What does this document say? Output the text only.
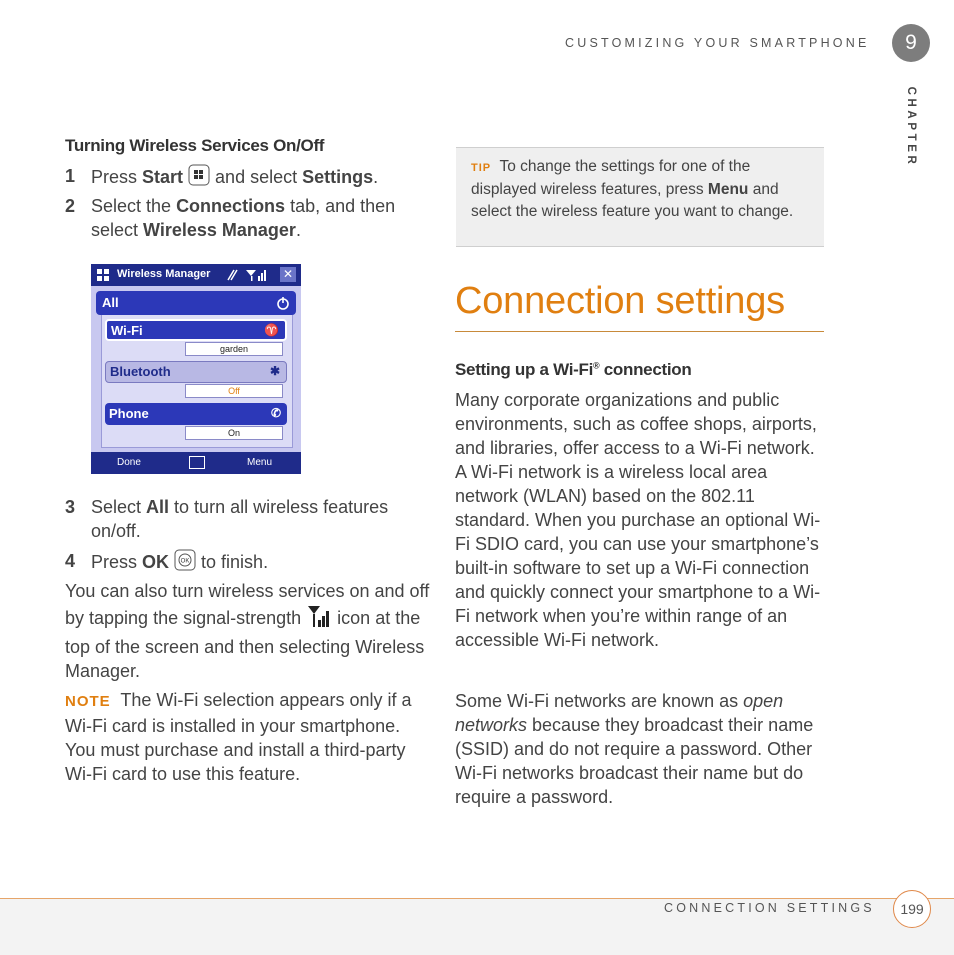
CUSTOMIZING YOUR SMARTPHONE	9
CHAPTER
Turning Wireless Services On/Off
1 Press Start  and select Settings.
2 Select the Connections tab, and then select Wireless Manager.
Wireless Manager	✕
All
Wi-Fi	♈
garden
Bluetooth	✱
Off
Phone	✆
On
Done	Menu
3 Select All to turn all wireless features on/off.
4 Press OK OK to finish.
You can also turn wireless services on and off by tapping the signal-strength  icon at the top of the screen and then selecting Wireless Manager.
NOTE The Wi-Fi selection appears only if a Wi-Fi card is installed in your smartphone. You must purchase and install a third-party Wi-Fi card to use this feature.
TIP To change the settings for one of the displayed wireless features, press Menu and select the wireless feature you want to change.
Connection settings
Setting up a Wi-Fi® connection
Many corporate organizations and public environments, such as coffee shops, airports, and libraries, offer access to a Wi-Fi network. A Wi-Fi network is a wireless local area network (WLAN) based on the 802.11 standard. When you purchase an optional Wi-Fi SDIO card, you can use your smartphone’s built-in software to set up a Wi-Fi connection and quickly connect your smartphone to a Wi-Fi network when you’re within range of an accessible Wi-Fi network.
Some Wi-Fi networks are known as open networks because they broadcast their name (SSID) and do not require a password. Other Wi-Fi networks broadcast their name but do require a password.
CONNECTION SETTINGS	199
